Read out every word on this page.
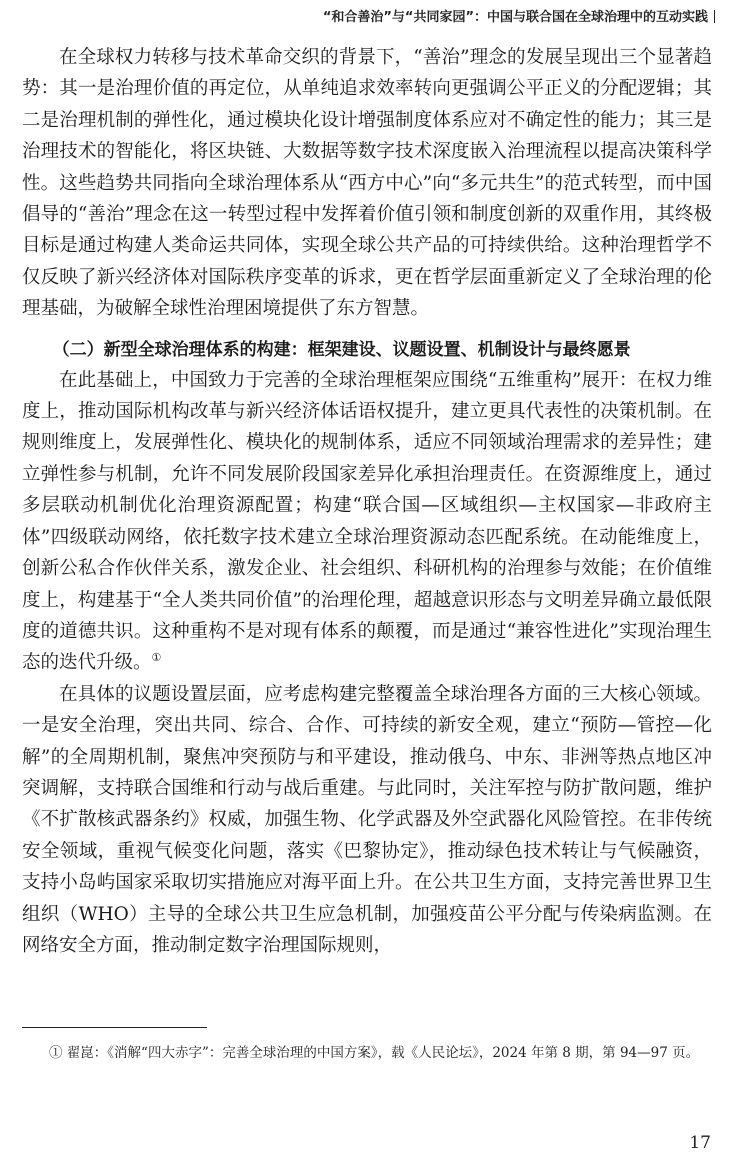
“和合善治”与“共同家园”：中国与联合国在全球治理中的互动实践

在全球权力转移与技术革命交织的背景下，“善治”理念的发展呈现出三个显著趋势：其一是治理价值的再定位，从单纯追求效率转向更强调公平正义的分配逻辑；其二是治理机制的弹性化，通过模块化设计增强制度体系应对不确定性的能力；其三是治理技术的智能化，将区块链、大数据等数字技术深度嵌入治理流程以提高决策科学性。这些趋势共同指向全球治理体系从“西方中心”向“多元共生”的范式转型，而中国倡导的“善治”理念在这一转型过程中发挥着价值引领和制度创新的双重作用，其终极目标是通过构建人类命运共同体，实现全球公共产品的可持续供给。这种治理哲学不仅反映了新兴经济体对国际秩序变革的诉求，更在哲学层面重新定义了全球治理的伦理基础，为破解全球性治理困境提供了东方智慧。

（二）新型全球治理体系的构建：框架建设、议题设置、机制设计与最终愿景

在此基础上，中国致力于完善的全球治理框架应围绕“五维重构”展开：在权力维度上，推动国际机构改革与新兴经济体话语权提升，建立更具代表性的决策机制。在规则维度上，发展弹性化、模块化的规制体系，适应不同领域治理需求的差异性；建立弹性参与机制，允许不同发展阶段国家差异化承担治理责任。在资源维度上，通过多层联动机制优化治理资源配置；构建“联合国—区域组织—主权国家—非政府主体”四级联动网络，依托数字技术建立全球治理资源动态匹配系统。在动能维度上，创新公私合作伙伴关系，激发企业、社会组织、科研机构的治理参与效能；在价值维度上，构建基于“全人类共同价值”的治理伦理，超越意识形态与文明差异确立最低限度的道德共识。这种重构不是对现有体系的颠覆，而是通过“兼容性进化”实现治理生态的迭代升级。①

在具体的议题设置层面，应考虑构建完整覆盖全球治理各方面的三大核心领域。一是安全治理，突出共同、综合、合作、可持续的新安全观，建立“预防—管控—化解”的全周期机制，聚焦冲突预防与和平建设，推动俄乌、中东、非洲等热点地区冲突调解，支持联合国维和行动与战后重建。与此同时，关注军控与防扩散问题，维护《不扩散核武器条约》权威，加强生物、化学武器及外空武器化风险管控。在非传统安全领域，重视气候变化问题，落实《巴黎协定》，推动绿色技术转让与气候融资，支持小岛屿国家采取切实措施应对海平面上升。在公共卫生方面，支持完善世界卫生组织（WHO）主导的全球公共卫生应急机制，加强疫苗公平分配与传染病监测。在网络安全方面，推动制定数字治理国际规则，

① 翟崑：《消解“四大赤字”：完善全球治理的中国方案》，载《人民论坛》，2024 年第 8 期，第 94—97 页。
17
